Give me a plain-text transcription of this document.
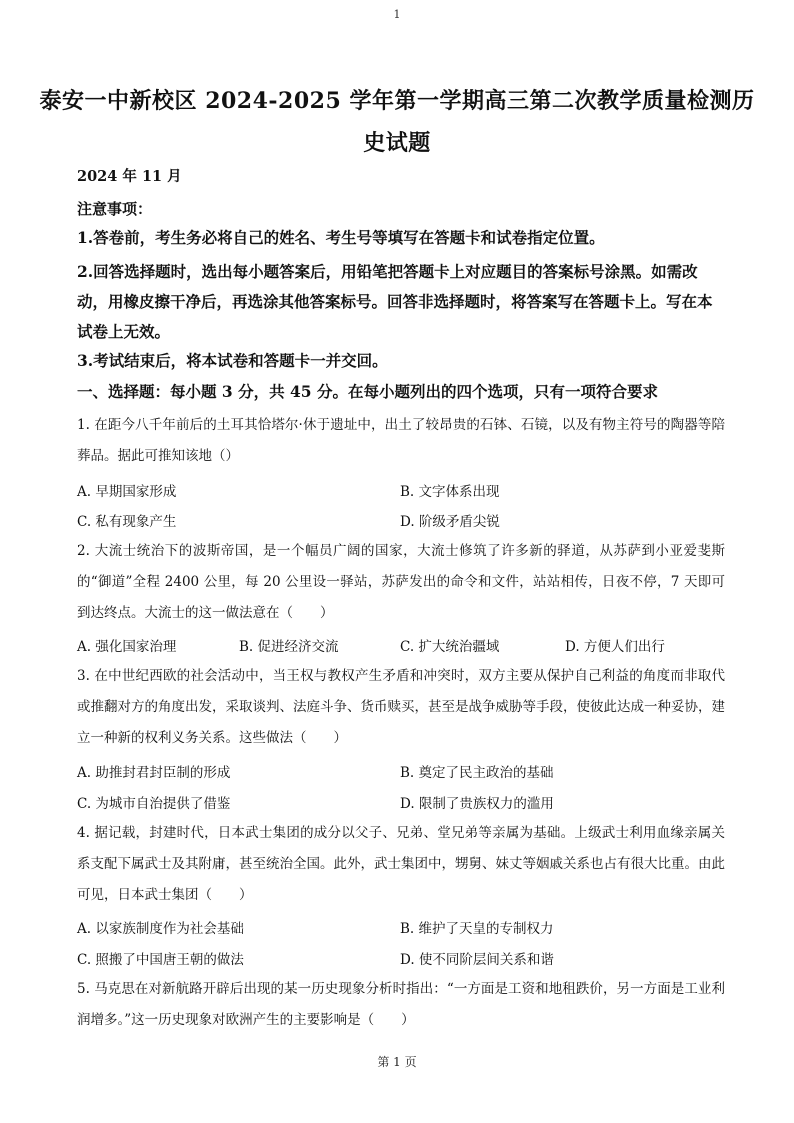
1
泰安一中新校区 2024-2025 学年第一学期高三第二次教学质量检测历
史试题
2024 年 11 月
注意事项：
1.答卷前，考生务必将自己的姓名、考生号等填写在答题卡和试卷指定位置。
2.回答选择题时，选出每小题答案后，用铅笔把答题卡上对应题目的答案标号涂黑。如需改动，用橡皮擦干净后，再选涂其他答案标号。回答非选择题时，将答案写在答题卡上。写在本试卷上无效。
3.考试结束后，将本试卷和答题卡一并交回。
一、选择题：每小题 3 分，共 45 分。在每小题列出的四个选项，只有一项符合要求
1. 在距今八千年前后的土耳其恰塔尔·休于遗址中，出土了较昂贵的石钵、石镜，以及有物主符号的陶器等陪葬品。据此可推知该地（）
A. 早期国家形成	B. 文字体系出现
C. 私有现象产生	D. 阶级矛盾尖锐
2. 大流士统治下的波斯帝国，是一个幅员广阔的国家，大流士修筑了许多新的驿道，从苏萨到小亚爱斐斯的“御道”全程 2400 公里，每 20 公里设一驿站，苏萨发出的命令和文件，站站相传，日夜不停，7 天即可到达终点。大流士的这一做法意在（　　）
A. 强化国家治理	B. 促进经济交流	C. 扩大统治疆域	D. 方便人们出行
3. 在中世纪西欧的社会活动中，当王权与教权产生矛盾和冲突时，双方主要从保护自己利益的角度而非取代或推翻对方的角度出发，采取谈判、法庭斗争、货币赎买，甚至是战争威胁等手段，使彼此达成一种妥协，建立一种新的权利义务关系。这些做法（　　）
A. 助推封君封臣制的形成	B. 奠定了民主政治的基础
C. 为城市自治提供了借鉴	D. 限制了贵族权力的滥用
4. 据记载，封建时代，日本武士集团的成分以父子、兄弟、堂兄弟等亲属为基础。上级武士利用血缘亲属关系支配下属武士及其附庸，甚至统治全国。此外，武士集团中，甥舅、妹丈等姻戚关系也占有很大比重。由此可见，日本武士集团（　　）
A. 以家族制度作为社会基础	B. 维护了天皇的专制权力
C. 照搬了中国唐王朝的做法	D. 使不同阶层间关系和谐
5. 马克思在对新航路开辟后出现的某一历史现象分析时指出：“一方面是工资和地租跌价，另一方面是工业利润增多。”这一历史现象对欧洲产生的主要影响是（　　）
第 1 页
